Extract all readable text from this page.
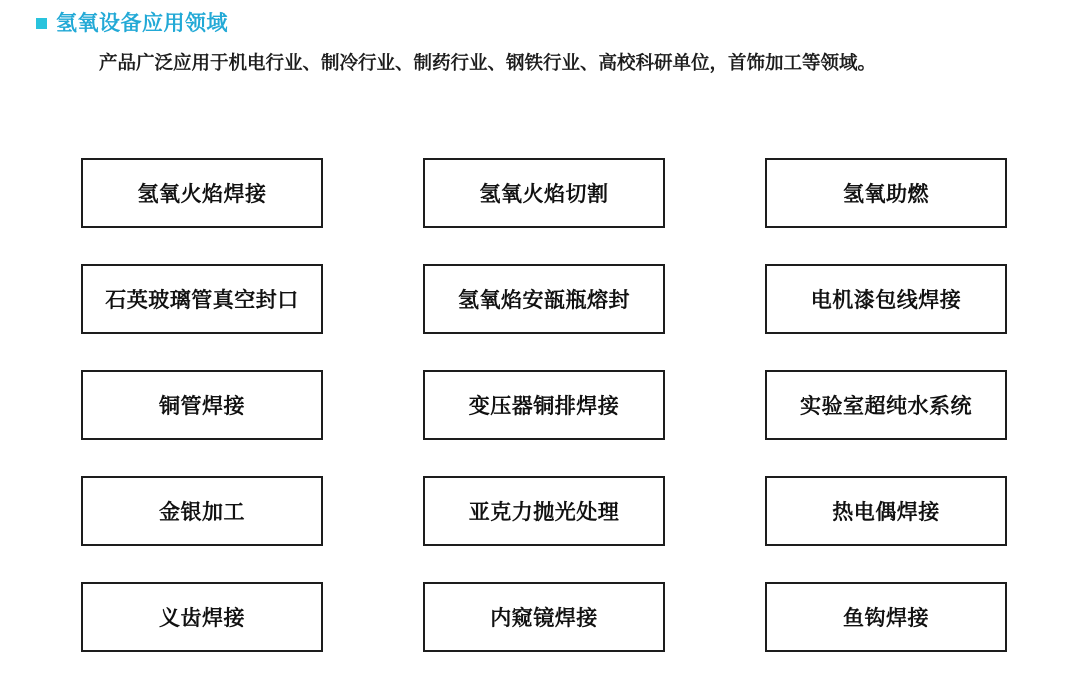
氢氧设备应用领域

产品广泛应用于机电行业、制冷行业、制药行业、钢铁行业、高校科研单位，首饰加工等领域。

氢氧火焰焊接	氢氧火焰切割	氢氧助燃
石英玻璃管真空封口	氢氧焰安瓿瓶熔封	电机漆包线焊接
铜管焊接	变压器铜排焊接	实验室超纯水系统
金银加工	亚克力抛光处理	热电偶焊接
义齿焊接	内窥镜焊接	鱼钩焊接
